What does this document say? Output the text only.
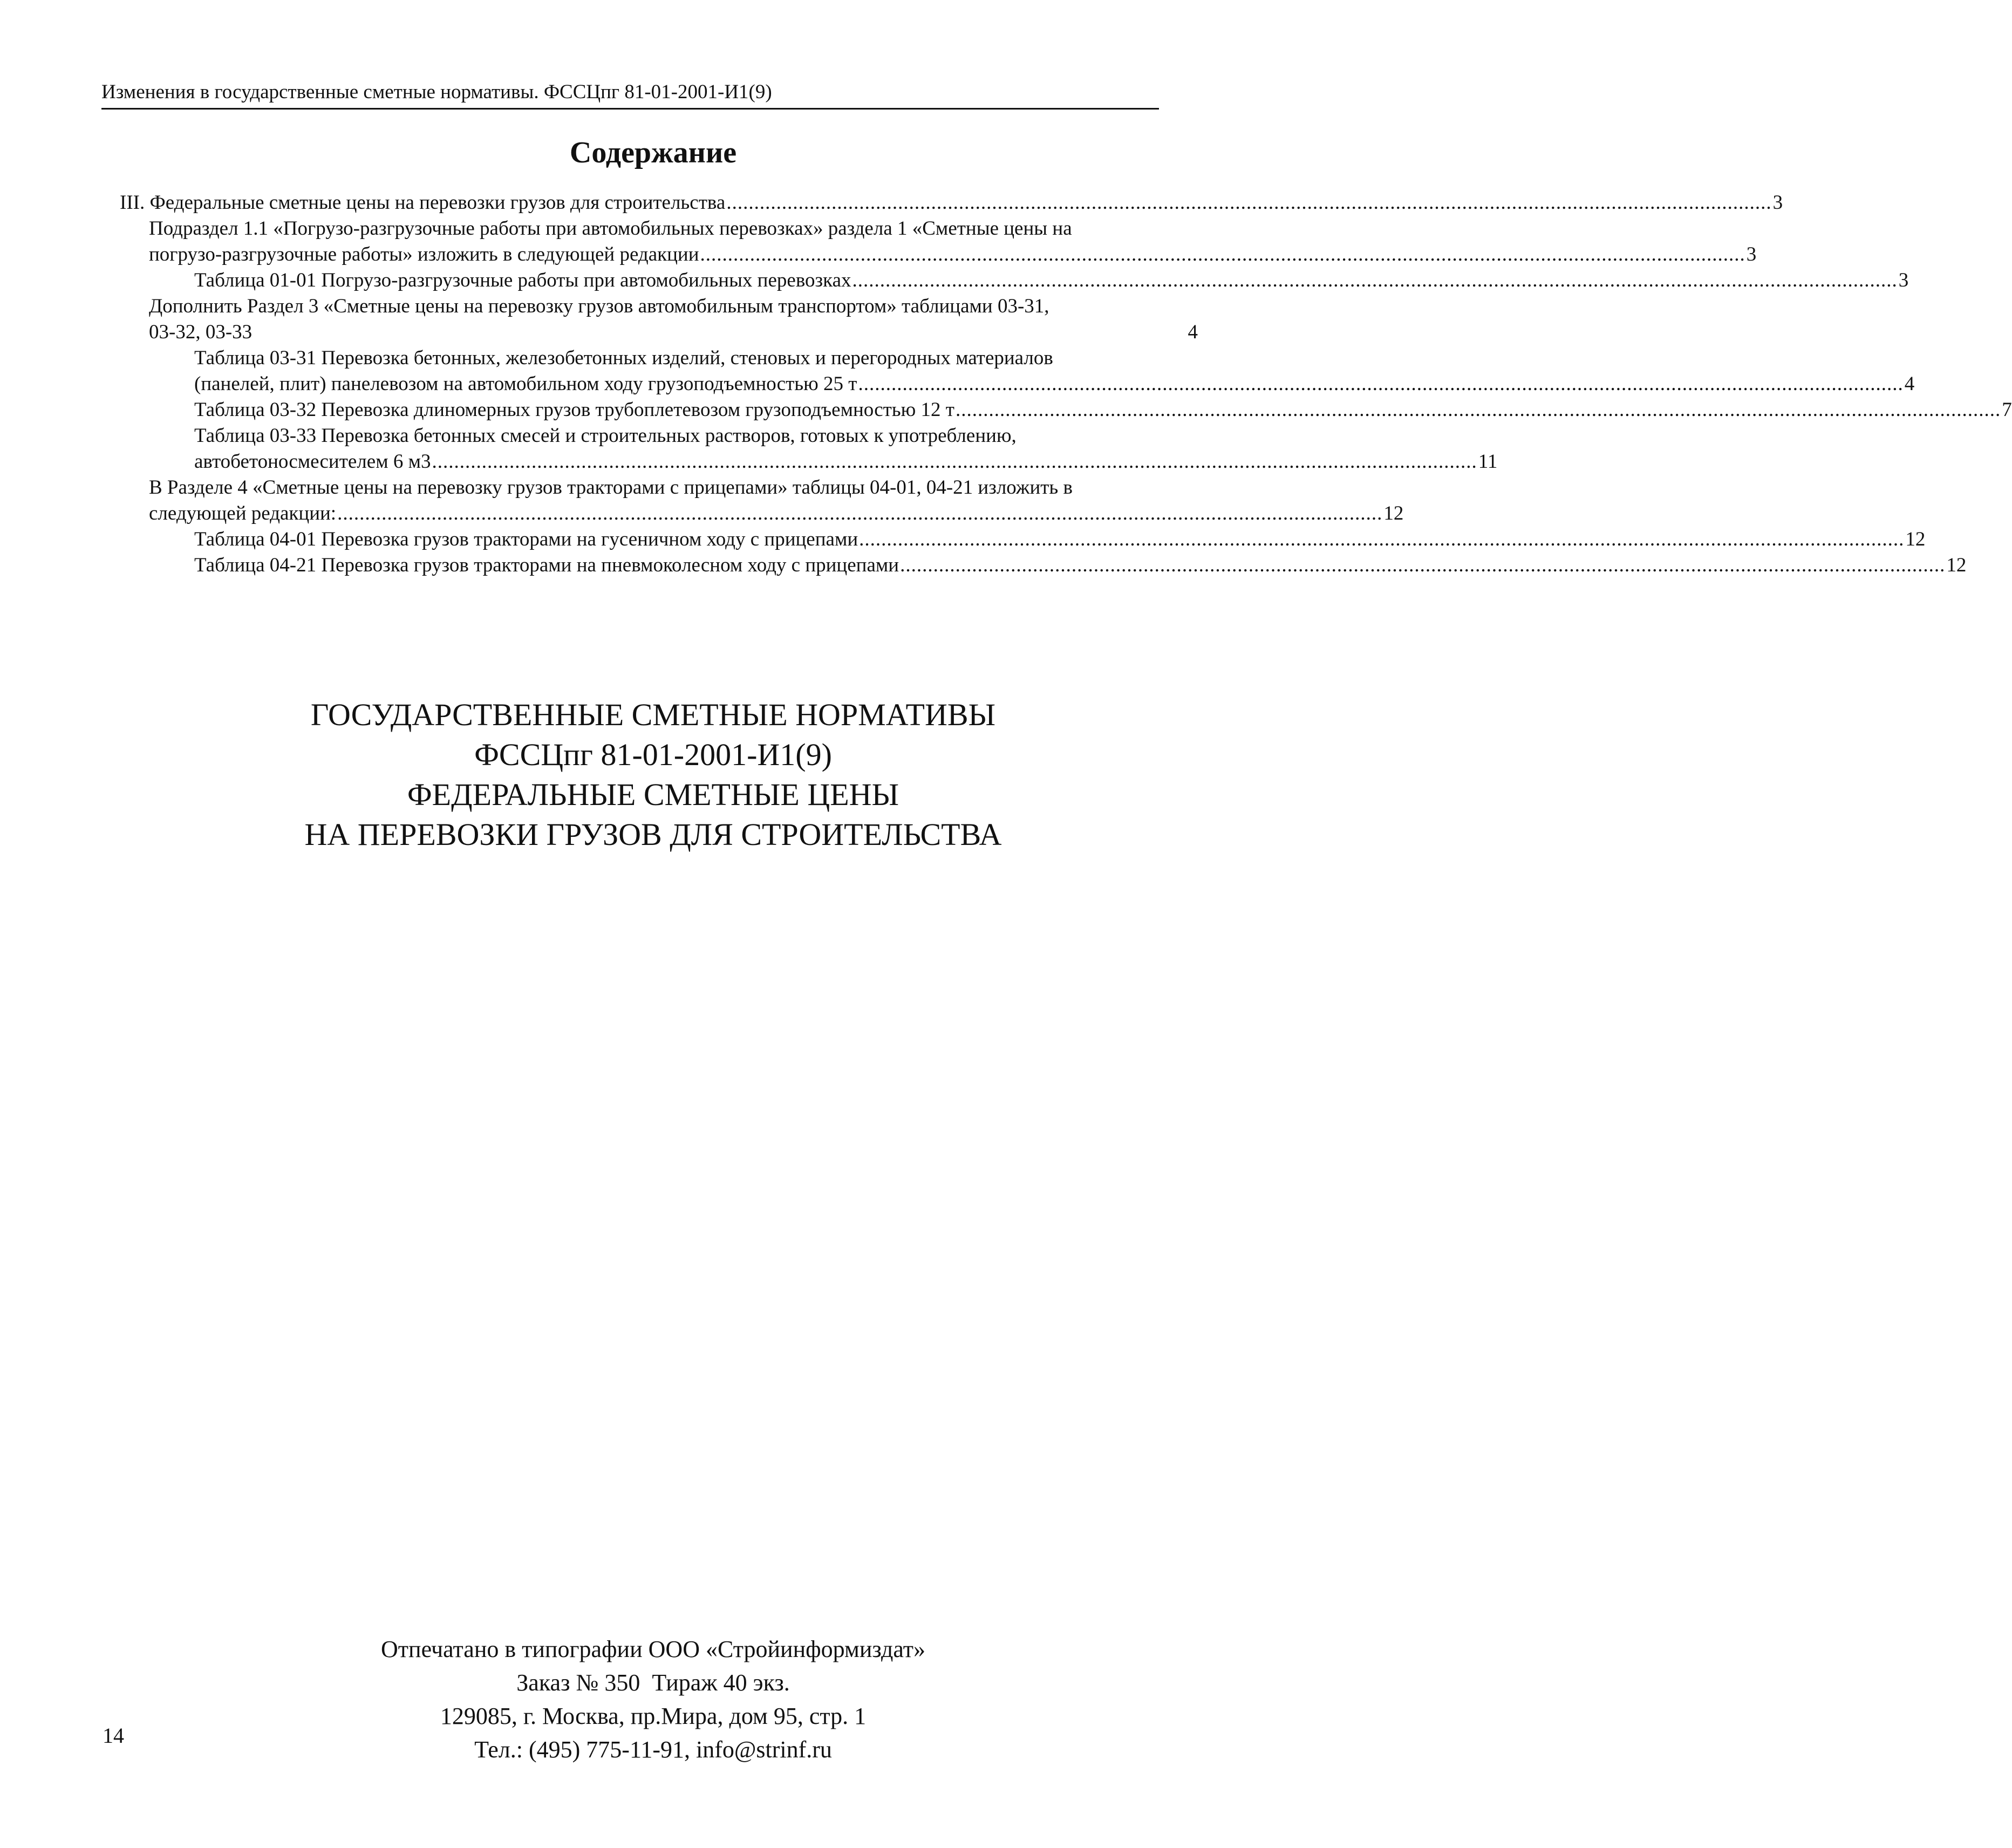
Изменения в государственные сметные нормативы. ФССЦпг 81-01-2001-И1(9)
Содержание
III. Федеральные сметные цены на перевозки грузов для строительства ............................................................................................................................................................................................. 3
Подраздел 1.1 «Погрузо-разгрузочные работы при автомобильных перевозках» раздела 1 «Сметные цены на
погрузо-разгрузочные работы» изложить в следующей редакции ............................................................................................................................................................................................. 3
Таблица 01-01 Погрузо-разгрузочные работы при автомобильных перевозках ............................................................................................................................................................................................. 3
Дополнить Раздел 3 «Сметные цены на перевозку грузов автомобильным транспортом» таблицами 03-31,
03-32, 03-33	4
Таблица 03-31 Перевозка бетонных, железобетонных изделий, стеновых и перегородных материалов
(панелей, плит) панелевозом на автомобильном ходу грузоподъемностью 25 т ............................................................................................................................................................................................. 4
Таблица 03-32 Перевозка длиномерных грузов трубоплетевозом грузоподъемностью 12 т ............................................................................................................................................................................................. 7
Таблица 03-33 Перевозка бетонных смесей и строительных растворов, готовых к употреблению,
автобетоносмесителем 6 м3 ............................................................................................................................................................................................. 11
В Разделе 4 «Сметные цены на перевозку грузов тракторами с прицепами» таблицы 04-01, 04-21 изложить в
следующей редакции: ............................................................................................................................................................................................. 12
Таблица 04-01 Перевозка грузов тракторами на гусеничном ходу с прицепами ............................................................................................................................................................................................. 12
Таблица 04-21 Перевозка грузов тракторами на пневмоколесном ходу с прицепами ............................................................................................................................................................................................. 12
ГОСУДАРСТВЕННЫЕ СМЕТНЫЕ НОРМАТИВЫ
ФССЦпг 81-01-2001-И1(9)
ФЕДЕРАЛЬНЫЕ СМЕТНЫЕ ЦЕНЫ
НА ПЕРЕВОЗКИ ГРУЗОВ ДЛЯ СТРОИТЕЛЬСТВА
Отпечатано в типографии ООО «Стройинформиздат»
Заказ № 350  Тираж 40 экз.
129085, г. Москва, пр.Мира, дом 95, стр. 1
Тел.: (495) 775-11-91, info@strinf.ru
14
